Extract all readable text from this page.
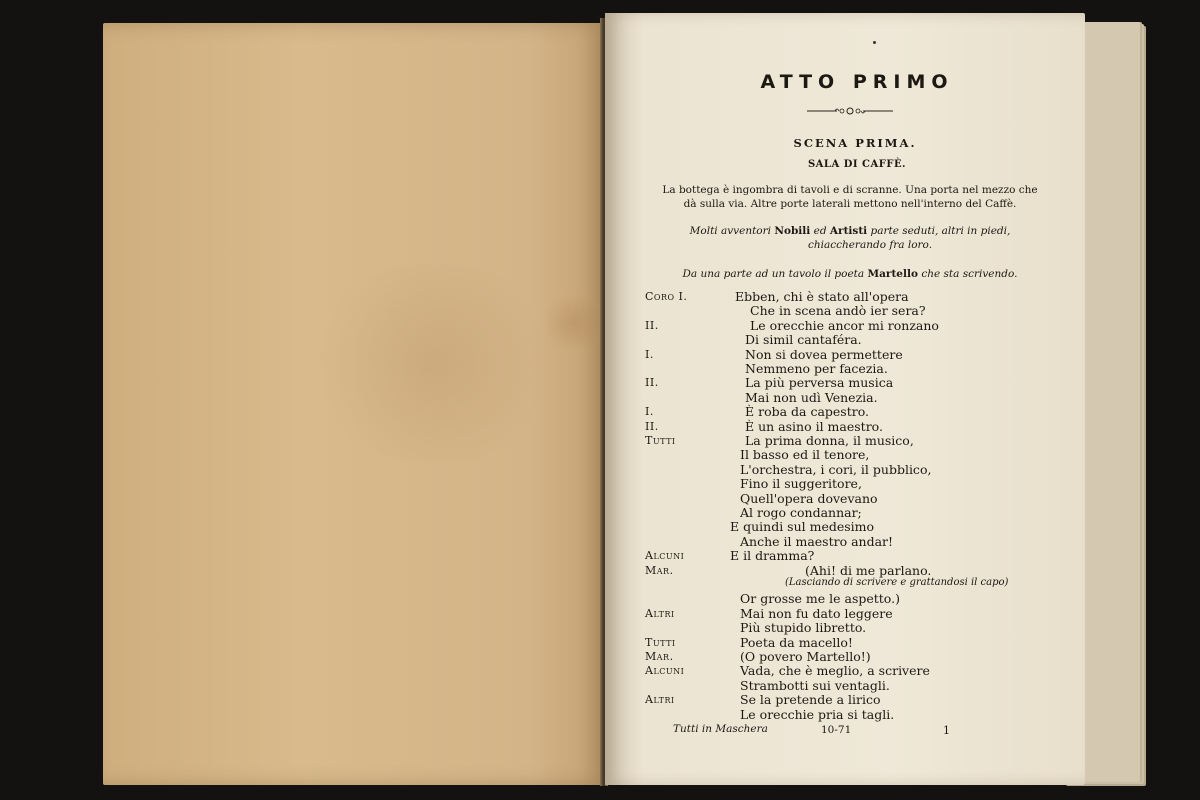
ATTO PRIMO
SCENA PRIMA.
SALA DI CAFFÈ.
La bottega è ingombra di tavoli e di scranne. Una porta nel mezzo che
dà sulla via. Altre porte laterali mettono nell'interno del Caffè.
Molti avventori Nobili ed Artisti parte seduti, altri in piedi,
chiaccherando fra loro.
Da una parte ad un tavolo il poeta Martello che sta scrivendo.
Coro I.	Ebben, chi è stato all'opera
Che in scena andò ier sera?
II.	Le orecchie ancor mi ronzano
Di simil cantaféra.
I.	Non si dovea permettere
Nemmeno per facezia.
II.	La più perversa musica
Mai non udì Venezia.
I.	È roba da capestro.
II.	È un asino il maestro.
Tutti	La prima donna, il musico,
Il basso ed il tenore,
L'orchestra, i cori, il pubblico,
Fino il suggeritore,
Quell'opera dovevano
Al rogo condannar;
E quindi sul medesimo
Anche il maestro andar!
Alcuni	E il dramma?
Mar.	(Ahi! di me parlano.
(Lasciando di scrivere e grattandosi il capo)
Or grosse me le aspetto.)
Altri	Mai non fu dato leggere
Più stupido libretto.
Tutti	Poeta da macello!
Mar.	(O povero Martello!)
Alcuni	Vada, che è meglio, a scrivere
Strambotti sui ventagli.
Altri	Se la pretende a lirico
Le orecchie pria si tagli.
Tutti in Maschera	10-71	1
